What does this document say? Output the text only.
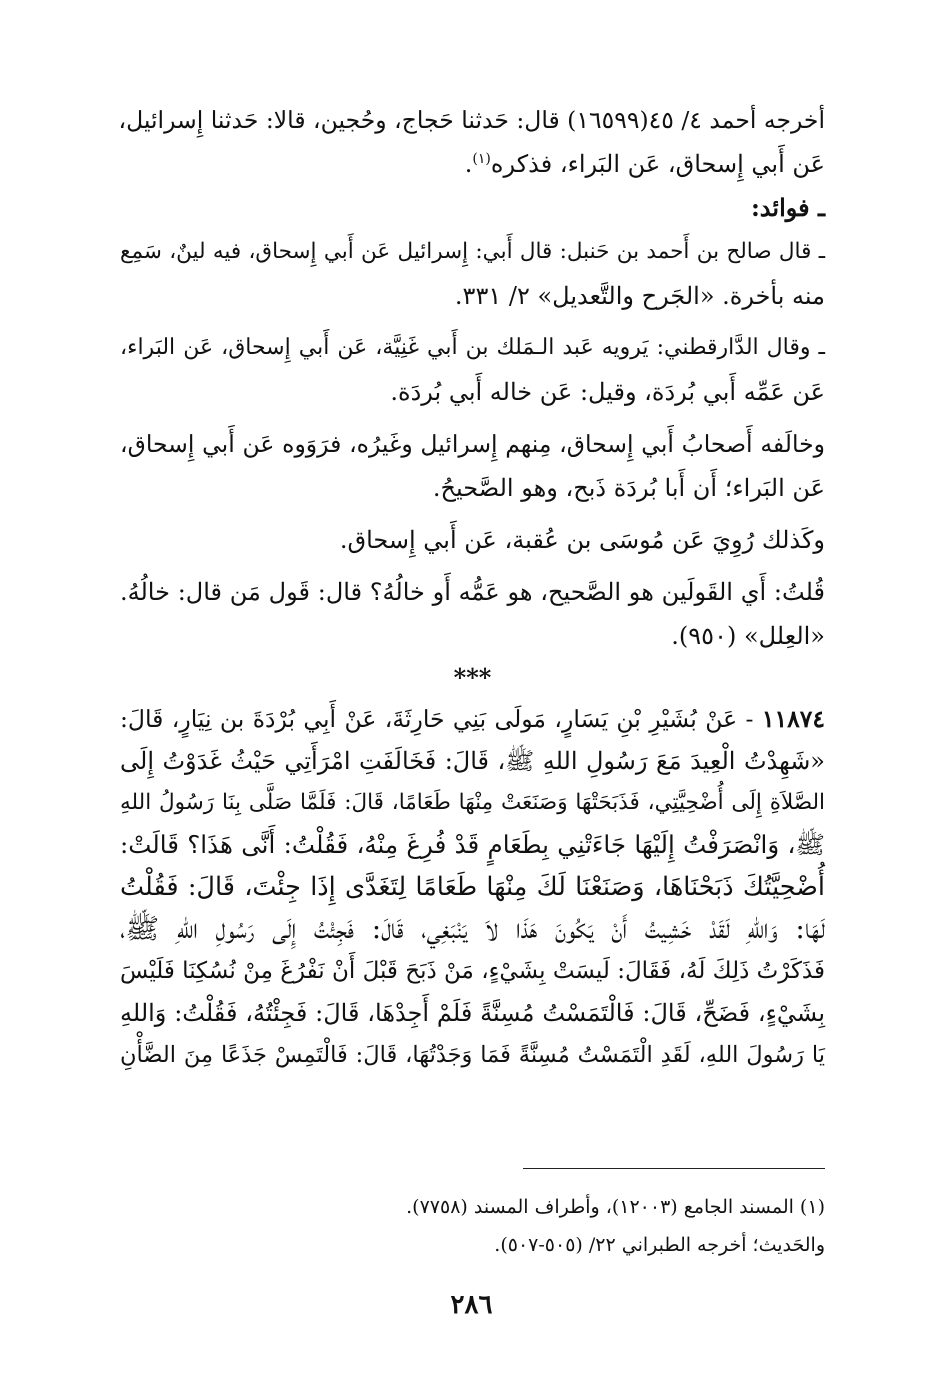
أخرجه أحمد ٤/ ٤٥(١٦٥٩٩) قال: حَدثنا حَجاج، وحُجين، قالا: حَدثنا إِسرائيل،
عَن أَبي إِسحاق، عَن البَراء، فذكره$^{(١)}$.
ـ فوائد:
ـ قال صالح بن أَحمد بن حَنبل: قال أَبي: إِسرائيل عَن أَبي إِسحاق، فيه لينٌ، سَمِع
منه بأخرة. «الجَرح والتَّعديل» ٢/ ٣٣١.
ـ وقال الدَّارقطني: يَرويه عَبد الـمَلك بن أَبي غَنِيَّة، عَن أَبي إِسحاق، عَن البَراء،
عَن عَمِّه أَبي بُردَة، وقيل: عَن خاله أَبي بُردَة.
وخالَفه أَصحابُ أَبي إِسحاق، مِنهم إِسرائيل وغَيرُه، فرَوَوه عَن أَبي إِسحاق،
عَن البَراء؛ أَن أَبا بُردَة ذَبح، وهو الصَّحيحُ.
وكَذلك رُوِيَ عَن مُوسَى بن عُقبة، عَن أَبي إِسحاق.
قُلتُ: أَي القَولَين هو الصَّحيح، هو عَمُّه أَو خالُهُ؟ قال: قَول مَن قال: خالُهُ.
«العِلل» (٩٥٠).
***
١١٨٧٤ - عَنْ بُشَيْرِ بْنِ يَسَارٍ، مَولَى بَنِي حَارِثَةَ، عَنْ أَبِي بُرْدَةَ بن نِيَارٍ، قَالَ:
«شَهِدْتُ الْعِيدَ مَعَ رَسُولِ اللهِ ﷺ، قَالَ: فَخَالَفَتِ امْرَأَتِي حَيْثُ غَدَوْتُ إِلَى
الصَّلاَةِ إِلَى أُضْحِيَّتِي، فَذَبَحَتْهَا وَصَنَعَتْ مِنْهَا طَعَامًا، قَالَ: فَلَمَّا صَلَّى بِنَا رَسُولُ اللهِ
ﷺ، وَانْصَرَفْتُ إِلَيْهَا جَاءَتْنِي بِطَعَامٍ قَدْ فُرِغَ مِنْهُ، فَقُلْتُ: أَنَّى هَذَا؟ قَالَتْ:
أُضْحِيَّتُكَ ذَبَحْنَاهَا، وَصَنَعْنَا لَكَ مِنْهَا طَعَامًا لِتَغَدَّى إِذَا جِئْتَ، قَالَ: فَقُلْتُ
لَهَا: وَاللهِ لَقَدْ خَشِيتُ أَنْ يَكُونَ هَذَا لاَ يَنْبَغِي، قَالَ: فَجِئْتُ إِلَى رَسُولِ اللهِ ﷺ،
فَذَكَرْتُ ذَلِكَ لَهُ، فَقَالَ: لَيسَتْ بِشَيْءٍ، مَنْ ذَبَحَ قَبْلَ أَنْ نَفْرُغَ مِنْ نُسُكِنَا فَلَيْسَ
بِشَيْءٍ، فَضَحِّ، قَالَ: فَالْتَمَسْتُ مُسِنَّةً فَلَمْ أَجِدْهَا، قَالَ: فَجِئْتُهُ، فَقُلْتُ: وَاللهِ
يَا رَسُولَ اللهِ، لَقَدِ الْتَمَسْتُ مُسِنَّةً فَمَا وَجَدْتُهَا، قَالَ: فَالْتَمِسْ جَذَعًا مِنَ الضَّأْنِ
(١) المسند الجامع (١٢٠٠٣)، وأطراف المسند (٧٧٥٨).
والحَديث؛ أخرجه الطبراني ٢٢/ (٥٠٥-٥٠٧).
٢٨٦
